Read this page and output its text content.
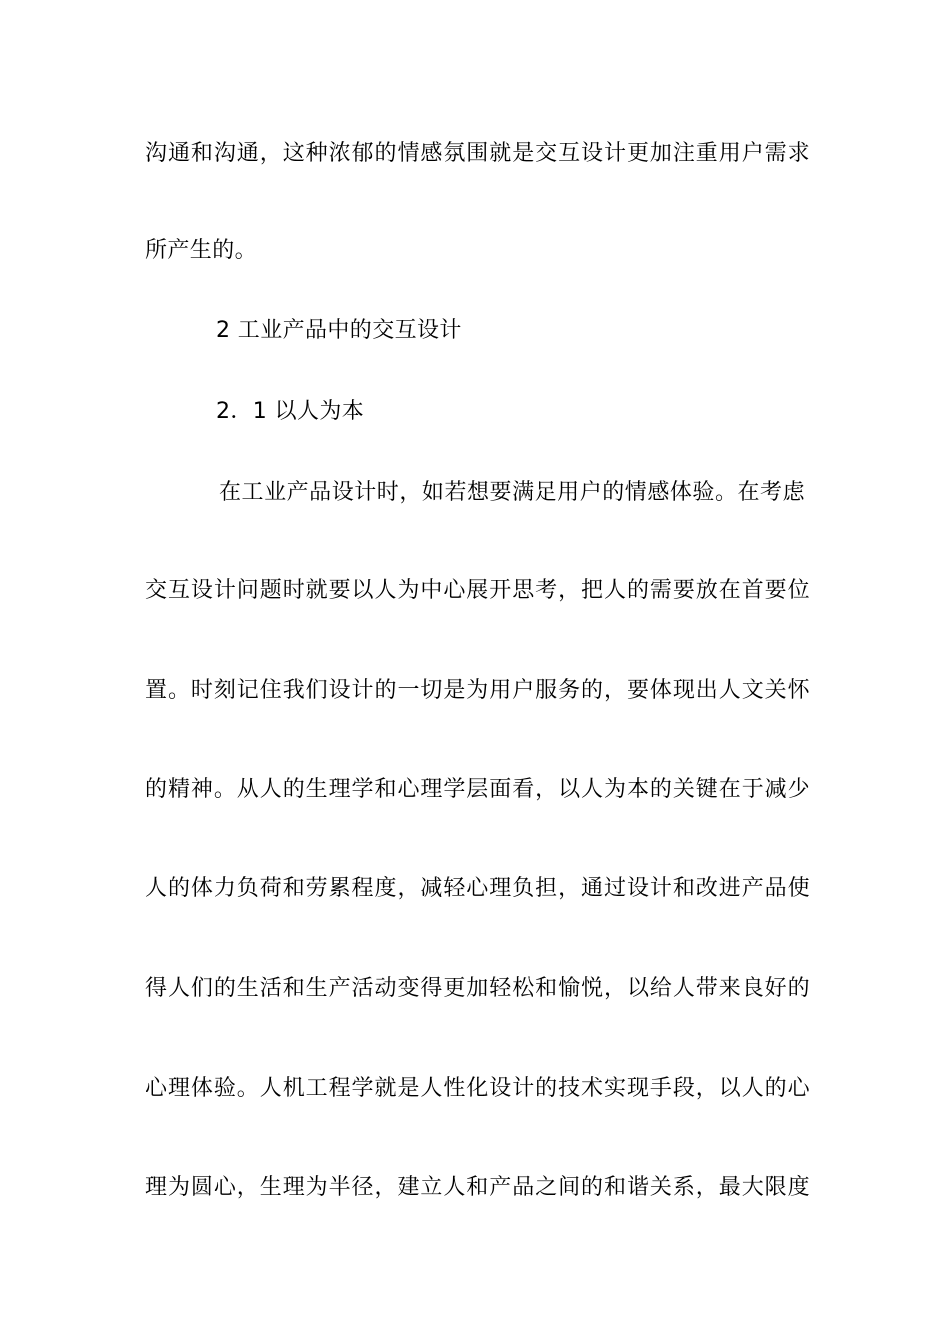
沟通和沟通，这种浓郁的情感氛围就是交互设计更加注重用户需求
所产生的。
2 工业产品中的交互设计
2．1 以人为本
在工业产品设计时，如若想要满足用户的情感体验。在考虑
交互设计问题时就要以人为中心展开思考，把人的需要放在首要位
置。时刻记住我们设计的一切是为用户服务的，要体现出人文关怀
的精神。从人的生理学和心理学层面看，以人为本的关键在于减少
人的体力负荷和劳累程度，减轻心理负担，通过设计和改进产品使
得人们的生活和生产活动变得更加轻松和愉悦，以给人带来良好的
心理体验。人机工程学就是人性化设计的技术实现手段，以人的心
理为圆心，生理为半径，建立人和产品之间的和谐关系，最大限度
